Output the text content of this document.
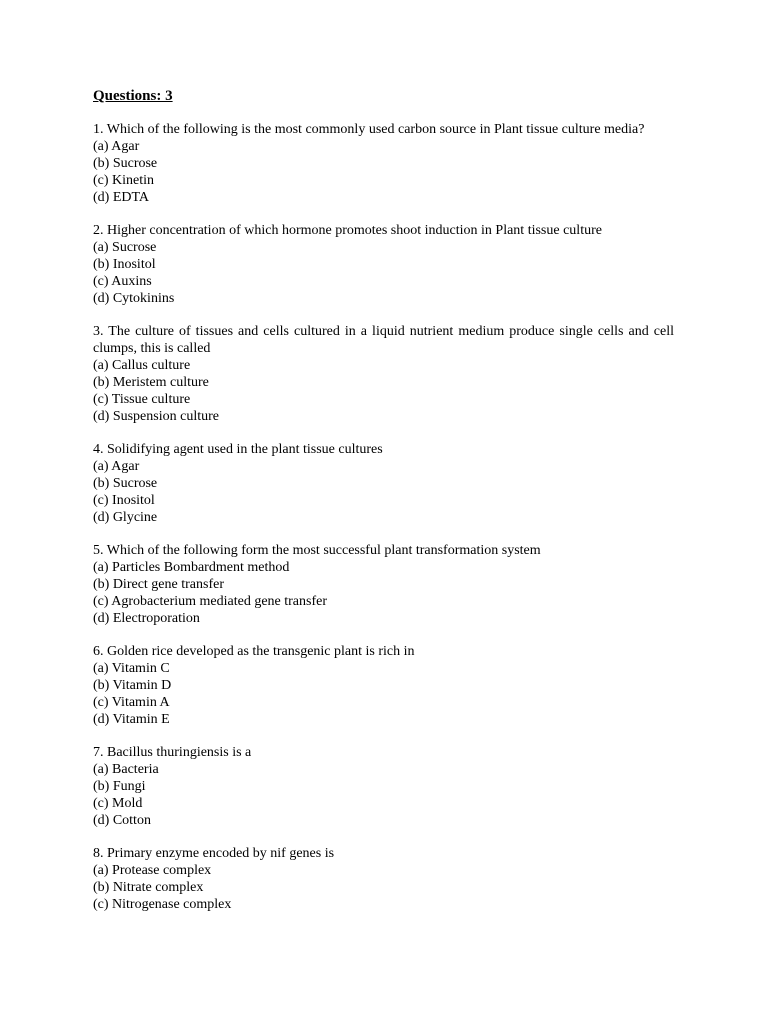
Questions: 3

1. Which of the following is the most commonly used carbon source in Plant tissue culture media?

(a) Agar

(b) Sucrose

(c) Kinetin

(d) EDTA

2. Higher concentration of which hormone promotes shoot induction in Plant tissue culture

(a) Sucrose

(b) Inositol

(c) Auxins

(d) Cytokinins

3. The culture of tissues and cells cultured in a liquid nutrient medium produce single cells and cell clumps, this is called

(a) Callus culture

(b) Meristem culture

(c) Tissue culture

(d) Suspension culture

4. Solidifying agent used in the plant tissue cultures

(a) Agar

(b) Sucrose

(c) Inositol

(d) Glycine

5. Which of the following form the most successful plant transformation system

(a) Particles Bombardment method

(b) Direct gene transfer

(c) Agrobacterium mediated gene transfer

(d) Electroporation

6. Golden rice developed as the transgenic plant is rich in

(a) Vitamin C

(b) Vitamin D

(c) Vitamin A

(d) Vitamin E

7. Bacillus thuringiensis is a

(a) Bacteria

(b) Fungi

(c) Mold

(d) Cotton

8. Primary enzyme encoded by nif genes is

(a) Protease complex

(b) Nitrate complex

(c) Nitrogenase complex
